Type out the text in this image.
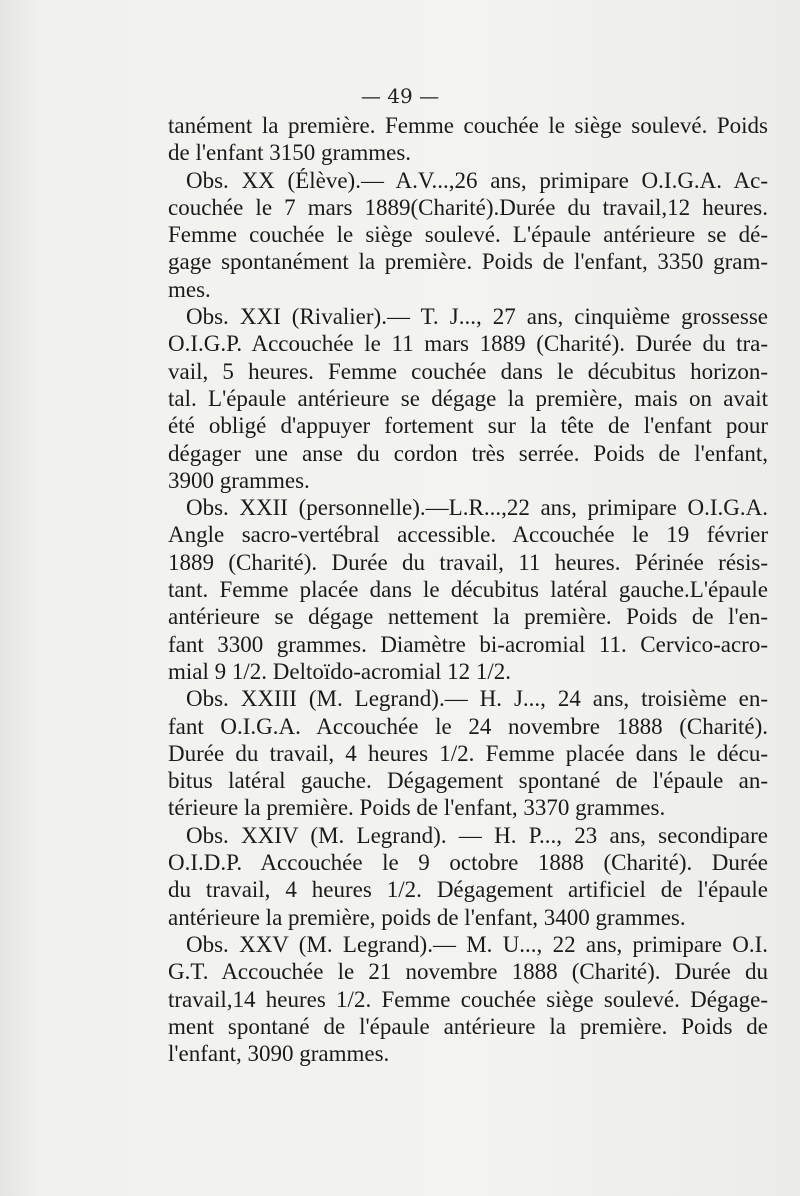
— 49 —
tanément la première. Femme couchée le siège soulevé. Poids
de l'enfant 3150 grammes.
Obs. XX (Élève).— A.V...,26 ans, primipare O.I.G.A. Ac-
couchée le 7 mars 1889(Charité).Durée du travail,12 heures.
Femme couchée le siège soulevé. L'épaule antérieure se dé-
gage spontanément la première. Poids de l'enfant, 3350 gram-
mes.
Obs. XXI (Rivalier).— T. J..., 27 ans, cinquième grossesse
O.I.G.P. Accouchée le 11 mars 1889 (Charité). Durée du tra-
vail, 5 heures. Femme couchée dans le décubitus horizon-
tal. L'épaule antérieure se dégage la première, mais on avait
été obligé d'appuyer fortement sur la tête de l'enfant pour
dégager une anse du cordon très serrée. Poids de l'enfant,
3900 grammes.
Obs. XXII (personnelle).—L.R...,22 ans, primipare O.I.G.A.
Angle sacro-vertébral accessible. Accouchée le 19 février
1889 (Charité). Durée du travail, 11 heures. Périnée résis-
tant. Femme placée dans le décubitus latéral gauche.L'épaule
antérieure se dégage nettement la première. Poids de l'en-
fant 3300 grammes. Diamètre bi-acromial 11. Cervico-acro-
mial 9 1/2. Deltoïdo-acromial 12 1/2.
Obs. XXIII (M. Legrand).— H. J..., 24 ans, troisième en-
fant O.I.G.A. Accouchée le 24 novembre 1888 (Charité).
Durée du travail, 4 heures 1/2. Femme placée dans le décu-
bitus latéral gauche. Dégagement spontané de l'épaule an-
térieure la première. Poids de l'enfant, 3370 grammes.
Obs. XXIV (M. Legrand). — H. P..., 23 ans, secondipare
O.I.D.P. Accouchée le 9 octobre 1888 (Charité). Durée
du travail, 4 heures 1/2. Dégagement artificiel de l'épaule
antérieure la première, poids de l'enfant, 3400 grammes.
Obs. XXV (M. Legrand).— M. U..., 22 ans, primipare O.I.
G.T. Accouchée le 21 novembre 1888 (Charité). Durée du
travail,14 heures 1/2. Femme couchée siège soulevé. Dégage-
ment spontané de l'épaule antérieure la première. Poids de
l'enfant, 3090 grammes.
